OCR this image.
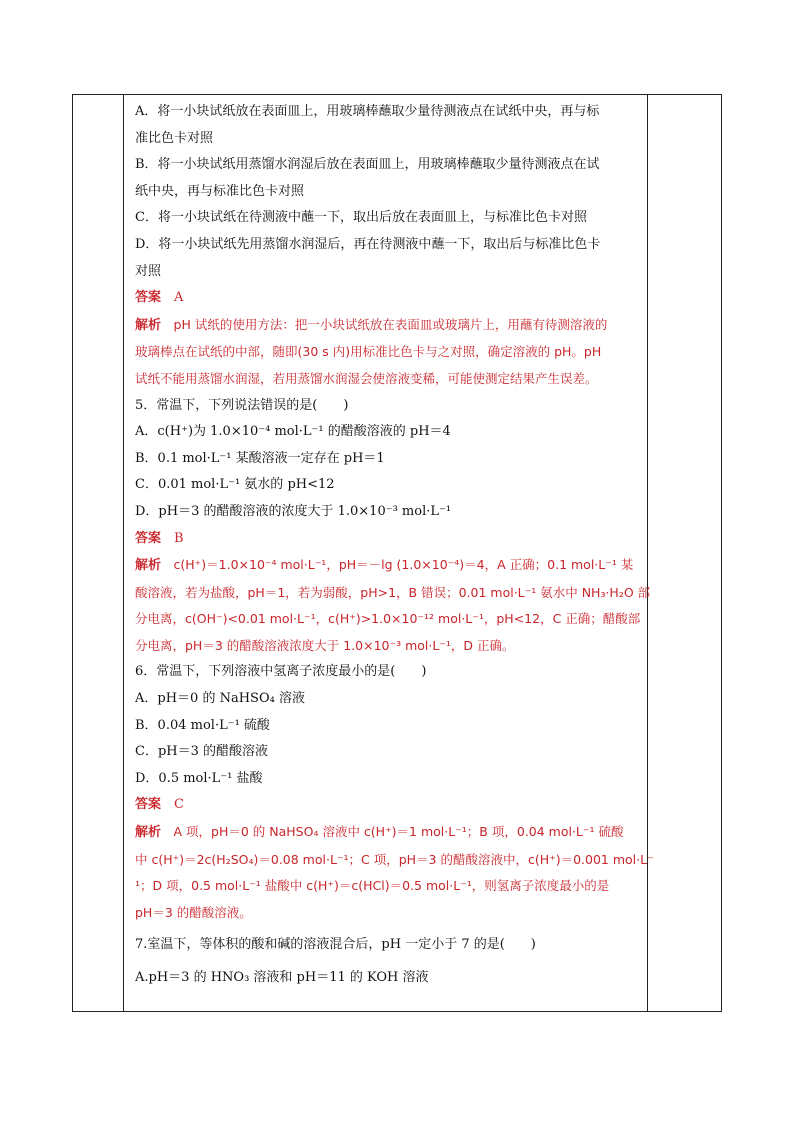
A．将一小块试纸放在表面皿上，用玻璃棒蘸取少量待测液点在试纸中央，再与标

准比色卡对照

B．将一小块试纸用蒸馏水润湿后放在表面皿上，用玻璃棒蘸取少量待测液点在试

纸中央，再与标准比色卡对照

C．将一小块试纸在待测液中蘸一下，取出后放在表面皿上，与标准比色卡对照

D．将一小块试纸先用蒸馏水润湿后，再在待测液中蘸一下，取出后与标准比色卡

对照

答案　A

解析　pH 试纸的使用方法：把一小块试纸放在表面皿或玻璃片上，用蘸有待测溶液的

玻璃棒点在试纸的中部，随即(30 s 内)用标准比色卡与之对照，确定溶液的 pH。pH

试纸不能用蒸馏水润湿，若用蒸馏水润湿会使溶液变稀，可能使测定结果产生误差。

5．常温下，下列说法错误的是(　　)

A．c(H⁺)为 1.0×10⁻⁴ mol·L⁻¹ 的醋酸溶液的 pH＝4

B．0.1 mol·L⁻¹ 某酸溶液一定存在 pH＝1

C．0.01 mol·L⁻¹ 氨水的 pH<12

D．pH＝3 的醋酸溶液的浓度大于 1.0×10⁻³ mol·L⁻¹

答案　B

解析　c(H⁺)＝1.0×10⁻⁴ mol·L⁻¹，pH＝－lg (1.0×10⁻⁴)＝4，A 正确；0.1 mol·L⁻¹ 某

酸溶液，若为盐酸，pH＝1，若为弱酸，pH>1，B 错误；0.01 mol·L⁻¹ 氨水中 NH₃·H₂O 部

分电离，c(OH⁻)<0.01 mol·L⁻¹，c(H⁺)>1.0×10⁻¹² mol·L⁻¹，pH<12，C 正确；醋酸部

分电离，pH＝3 的醋酸溶液浓度大于 1.0×10⁻³ mol·L⁻¹，D 正确。

6．常温下，下列溶液中氢离子浓度最小的是(　　)

A．pH＝0 的 NaHSO₄ 溶液

B．0.04 mol·L⁻¹ 硫酸

C．pH＝3 的醋酸溶液

D．0.5 mol·L⁻¹ 盐酸

答案　C

解析　A 项，pH＝0 的 NaHSO₄ 溶液中 c(H⁺)＝1 mol·L⁻¹；B 项，0.04 mol·L⁻¹ 硫酸

中 c(H⁺)＝2c(H₂SO₄)＝0.08 mol·L⁻¹；C 项，pH＝3 的醋酸溶液中，c(H⁺)＝0.001 mol·L⁻

¹；D 项，0.5 mol·L⁻¹ 盐酸中 c(H⁺)＝c(HCl)＝0.5 mol·L⁻¹，则氢离子浓度最小的是

pH＝3 的醋酸溶液。

7.室温下，等体积的酸和碱的溶液混合后，pH 一定小于 7 的是(　　)

A.pH＝3 的 HNO₃ 溶液和 pH＝11 的 KOH 溶液
